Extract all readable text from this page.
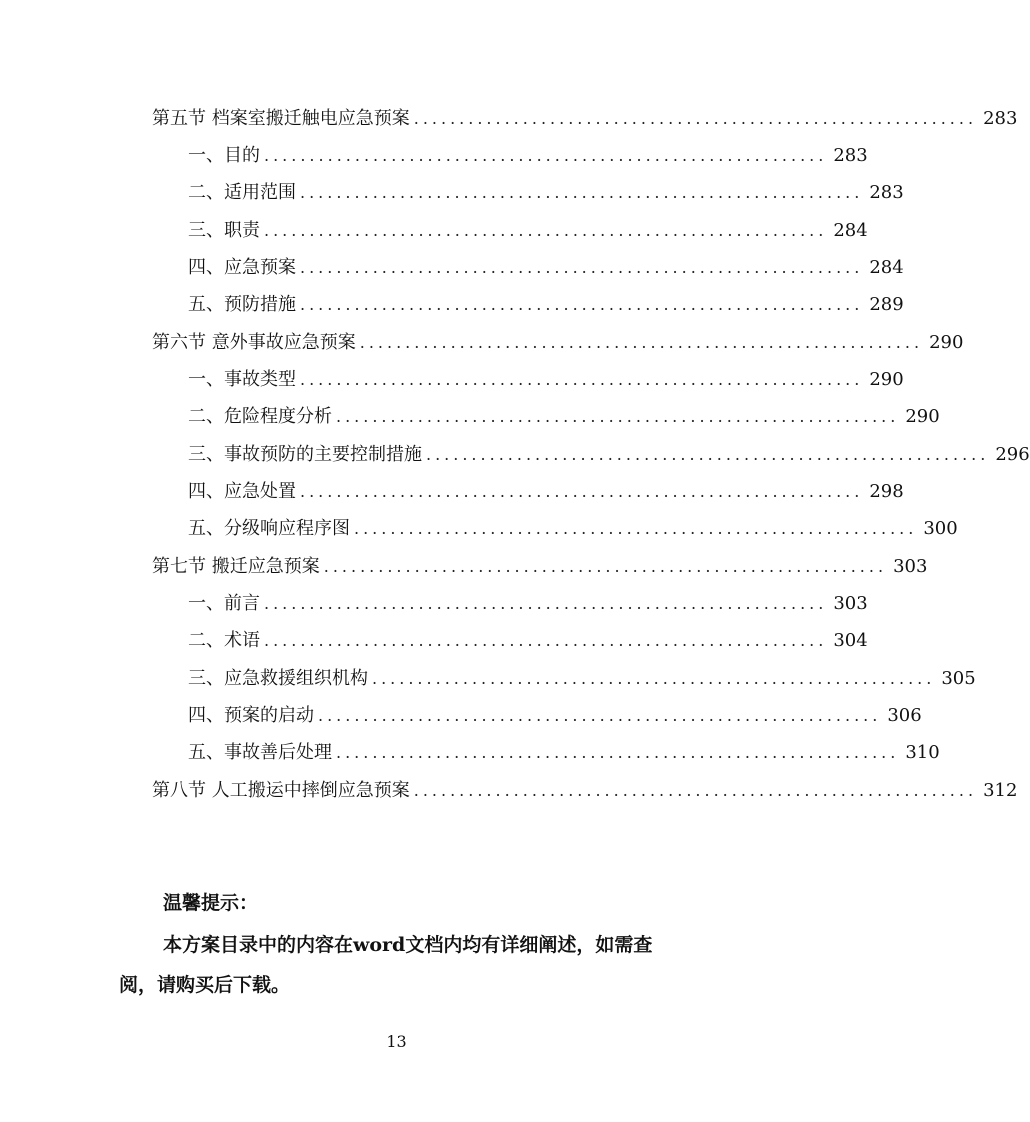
第五节 档案室搬迁触电应急预案 .............................................................. 283
一、目的 .............................................................. 283
二、适用范围 .............................................................. 283
三、职责 .............................................................. 284
四、应急预案 .............................................................. 284
五、预防措施 .............................................................. 289
第六节 意外事故应急预案 .............................................................. 290
一、事故类型 .............................................................. 290
二、危险程度分析 .............................................................. 290
三、事故预防的主要控制措施 .............................................................. 296
四、应急处置 .............................................................. 298
五、分级响应程序图 .............................................................. 300
第七节 搬迁应急预案 .............................................................. 303
一、前言 .............................................................. 303
二、术语 .............................................................. 304
三、应急救援组织机构 .............................................................. 305
四、预案的启动 .............................................................. 306
五、事故善后处理 .............................................................. 310
第八节 人工搬运中摔倒应急预案 .............................................................. 312
温馨提示：
本方案目录中的内容在word文档内均有详细阐述，如需查阅，请购买后下载。
13
